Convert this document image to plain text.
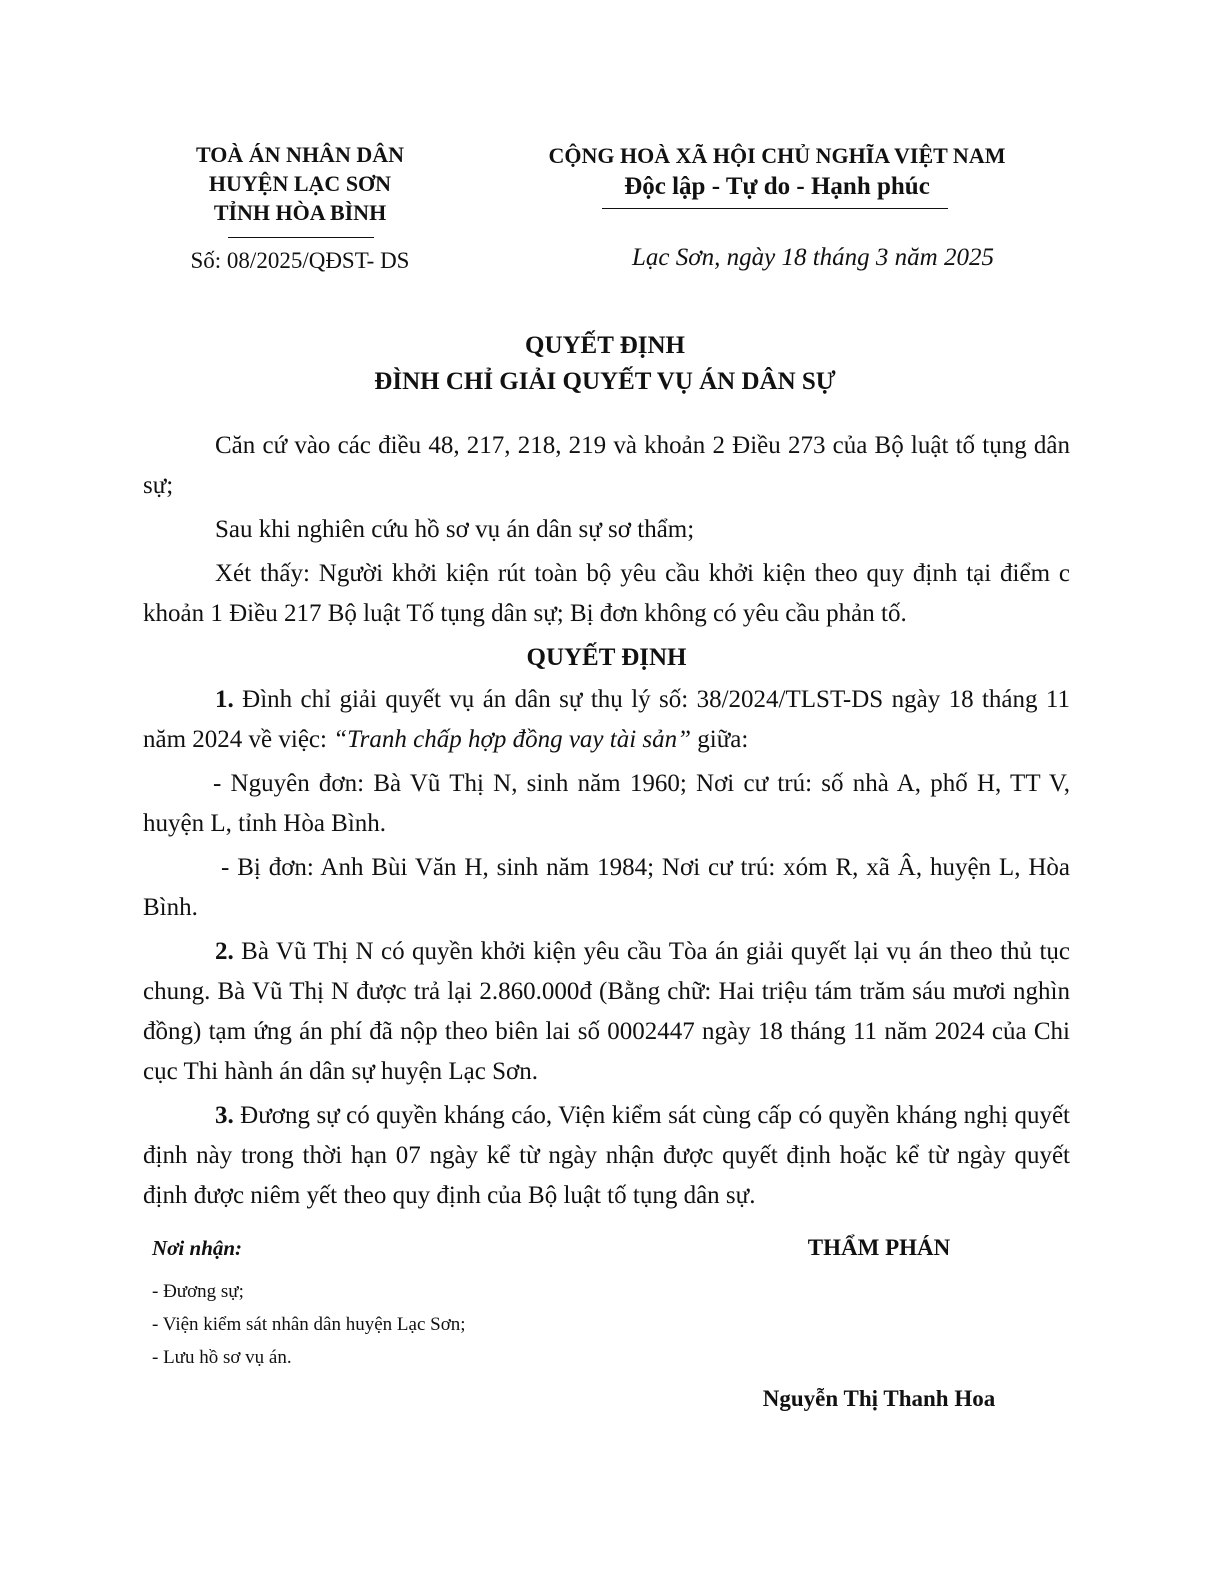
TOÀ ÁN NHÂN DÂN
HUYỆN LẠC SƠN
TỈNH HÒA BÌNH
Số: 08/2025/QĐST- DS
CỘNG HOÀ XÃ HỘI CHỦ NGHĨA VIỆT NAM
Độc lập - Tự do - Hạnh phúc
Lạc Sơn, ngày 18 tháng 3 năm 2025
QUYẾT ĐỊNH
ĐÌNH CHỈ GIẢI QUYẾT VỤ ÁN DÂN SỰ

Căn cứ vào các điều 48, 217, 218, 219 và khoản 2 Điều 273 của Bộ luật tố tụng dân sự;

Sau khi nghiên cứu hồ sơ vụ án dân sự sơ thẩm;

Xét thấy: Người khởi kiện rút toàn bộ yêu cầu khởi kiện theo quy định tại điểm c khoản 1 Điều 217 Bộ luật Tố tụng dân sự; Bị đơn không có yêu cầu phản tố.

QUYẾT ĐỊNH

1. Đình chỉ giải quyết vụ án dân sự thụ lý số: 38/2024/TLST-DS ngày 18 tháng 11 năm 2024 về việc: “Tranh chấp hợp đồng vay tài sản” giữa:

- Nguyên đơn: Bà Vũ Thị N, sinh năm 1960; Nơi cư trú: số nhà A, phố H, TT V, huyện L, tỉnh Hòa Bình.

- Bị đơn: Anh Bùi Văn H, sinh năm 1984; Nơi cư trú: xóm R, xã Â, huyện L, Hòa Bình.

2. Bà Vũ Thị N có quyền khởi kiện yêu cầu Tòa án giải quyết lại vụ án theo thủ tục chung. Bà Vũ Thị N được trả lại 2.860.000đ (Bằng chữ: Hai triệu tám trăm sáu mươi nghìn đồng) tạm ứng án phí đã nộp theo biên lai số 0002447 ngày 18 tháng 11 năm 2024 của Chi cục Thi hành án dân sự huyện Lạc Sơn.

3. Đương sự có quyền kháng cáo, Viện kiểm sát cùng cấp có quyền kháng nghị quyết định này trong thời hạn 07 ngày kể từ ngày nhận được quyết định hoặc kể từ ngày quyết định được niêm yết theo quy định của Bộ luật tố tụng dân sự.

Nơi nhận:
- Đương sự;
- Viện kiểm sát nhân dân huyện Lạc Sơn;
- Lưu hồ sơ vụ án.
THẨM PHÁN
Nguyễn Thị Thanh Hoa
